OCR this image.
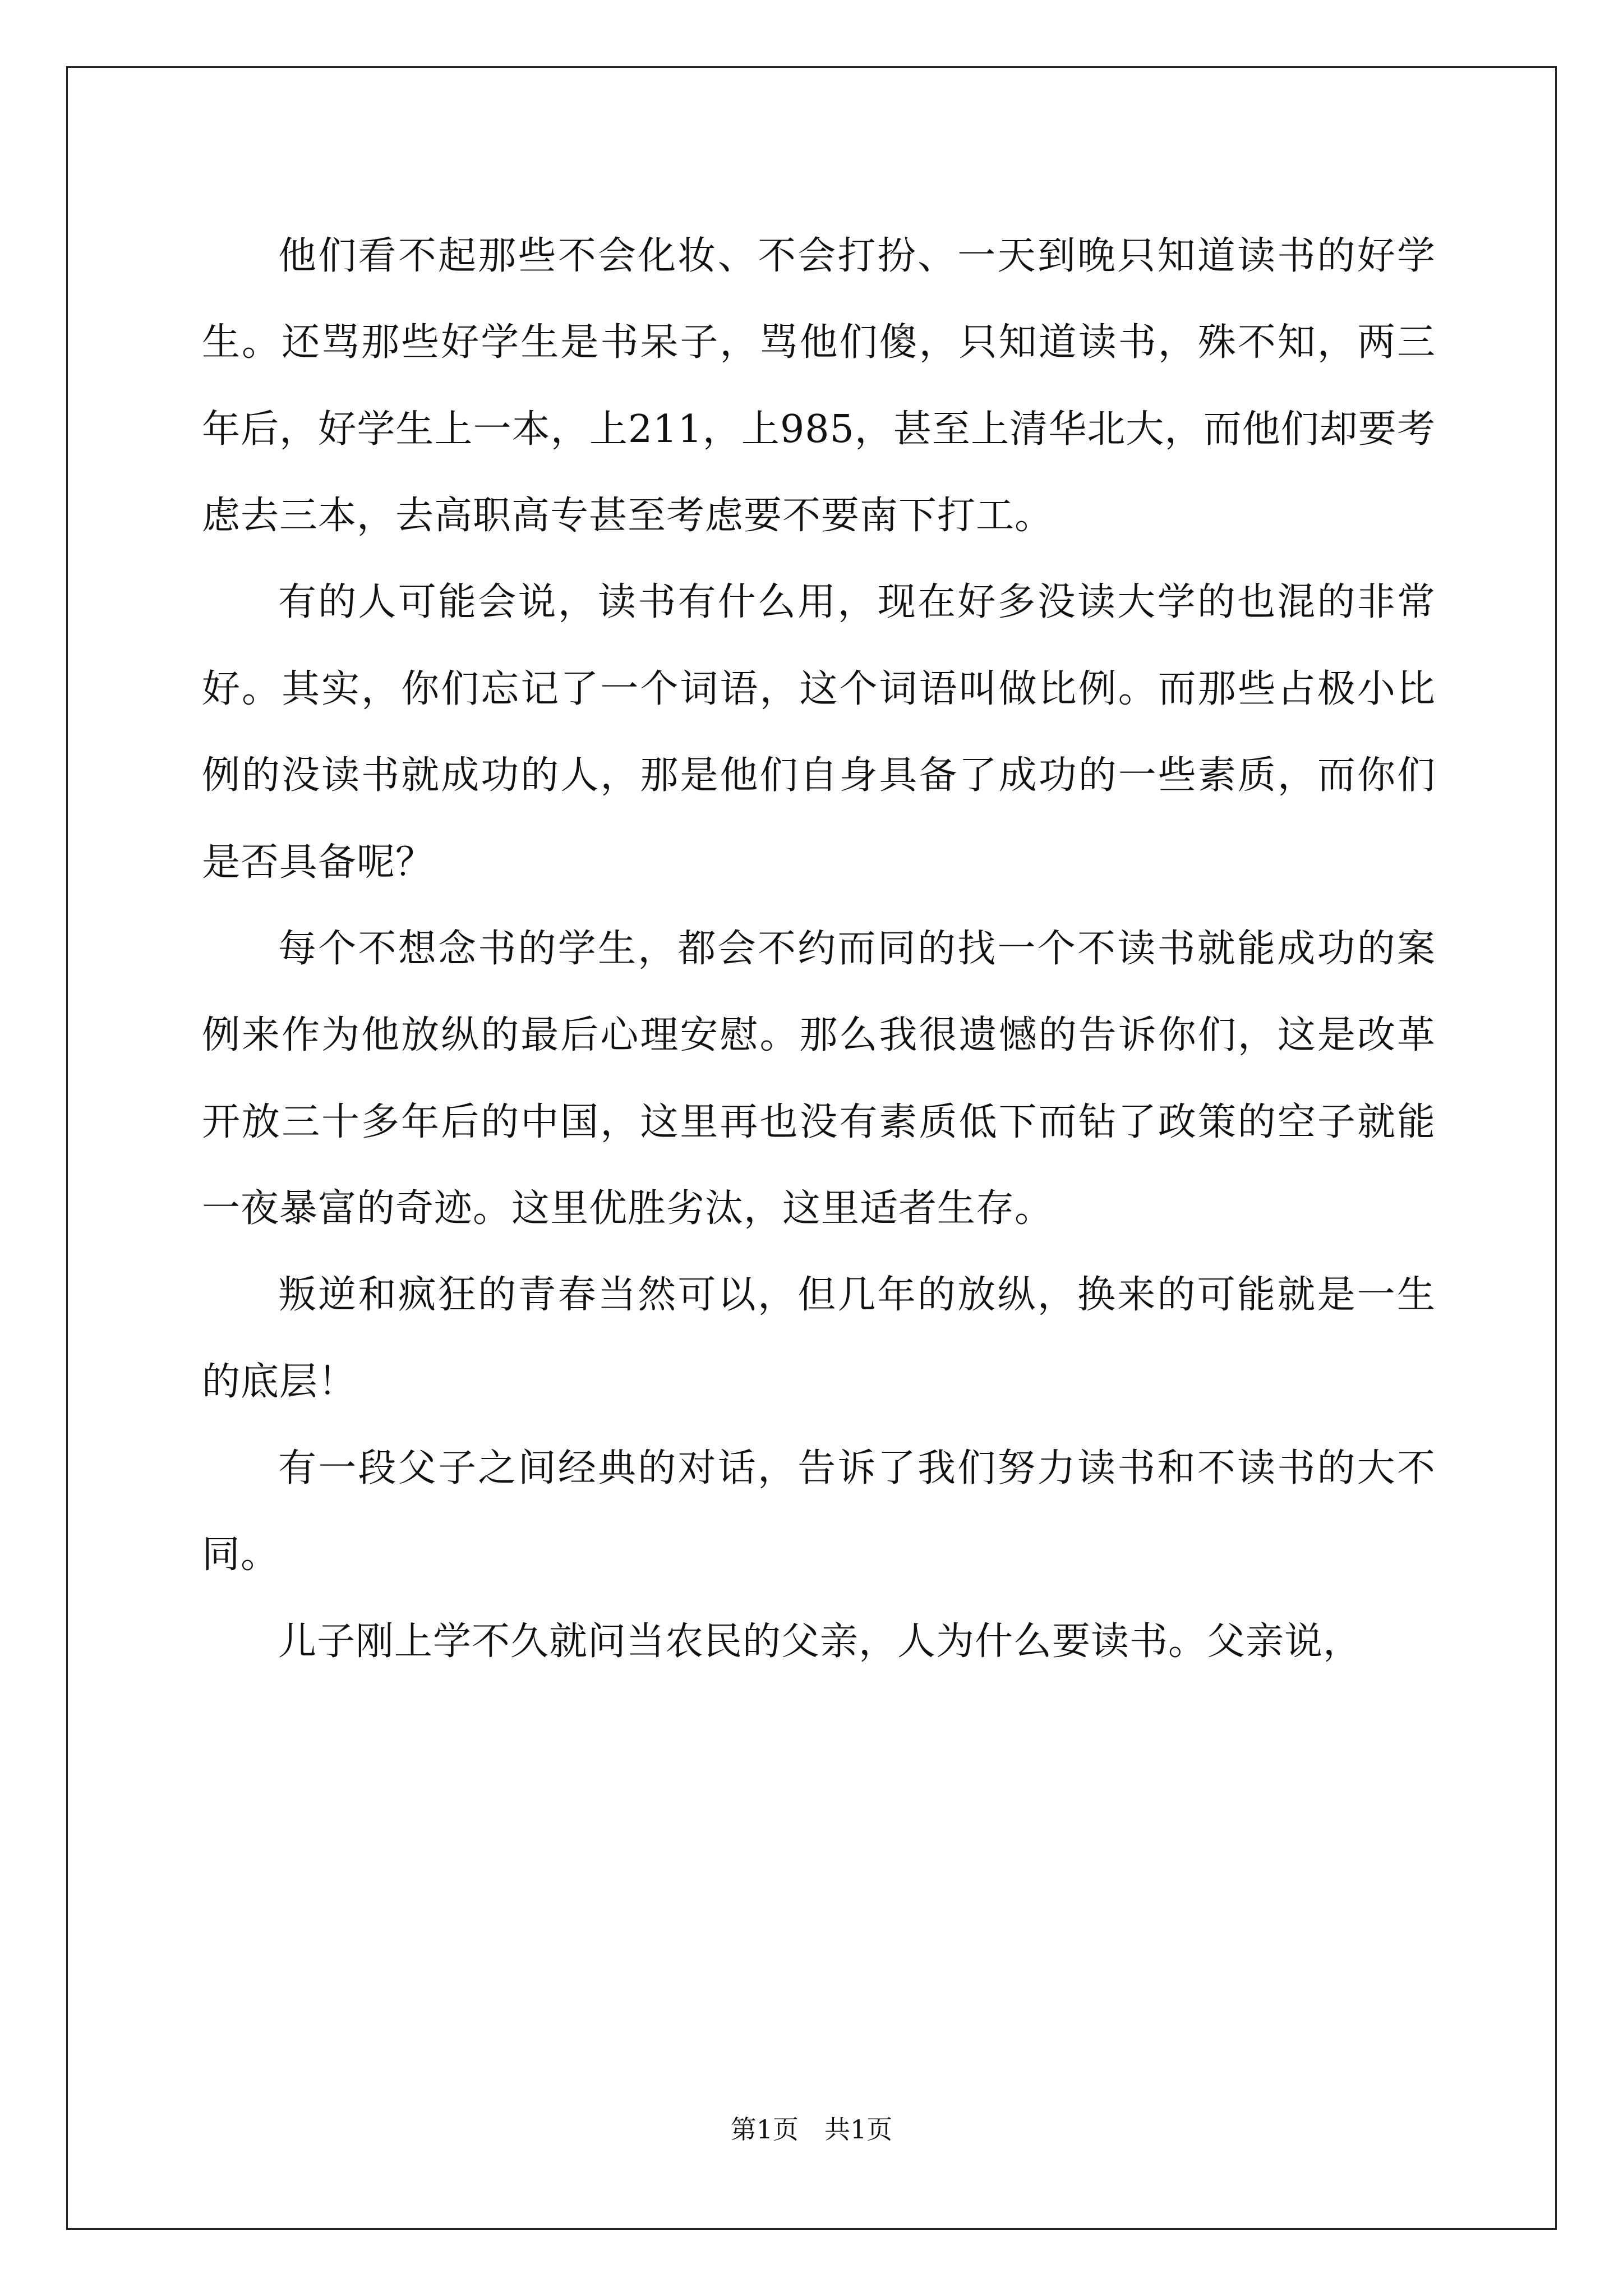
他们看不起那些不会化妆、不会打扮、一天到晚只知道读书的好学生。还骂那些好学生是书呆子，骂他们傻，只知道读书，殊不知，两三年后，好学生上一本，上211，上985，甚至上清华北大，而他们却要考虑去三本，去高职高专甚至考虑要不要南下打工。

有的人可能会说，读书有什么用，现在好多没读大学的也混的非常好。其实，你们忘记了一个词语，这个词语叫做比例。而那些占极小比例的没读书就成功的人，那是他们自身具备了成功的一些素质，而你们是否具备呢？

每个不想念书的学生，都会不约而同的找一个不读书就能成功的案例来作为他放纵的最后心理安慰。那么我很遗憾的告诉你们，这是改革开放三十多年后的中国，这里再也没有素质低下而钻了政策的空子就能一夜暴富的奇迹。这里优胜劣汰，这里适者生存。

叛逆和疯狂的青春当然可以，但几年的放纵，换来的可能就是一生的底层！

有一段父子之间经典的对话，告诉了我们努力读书和不读书的大不同。

儿子刚上学不久就问当农民的父亲，人为什么要读书。父亲说，

第1页　共1页
